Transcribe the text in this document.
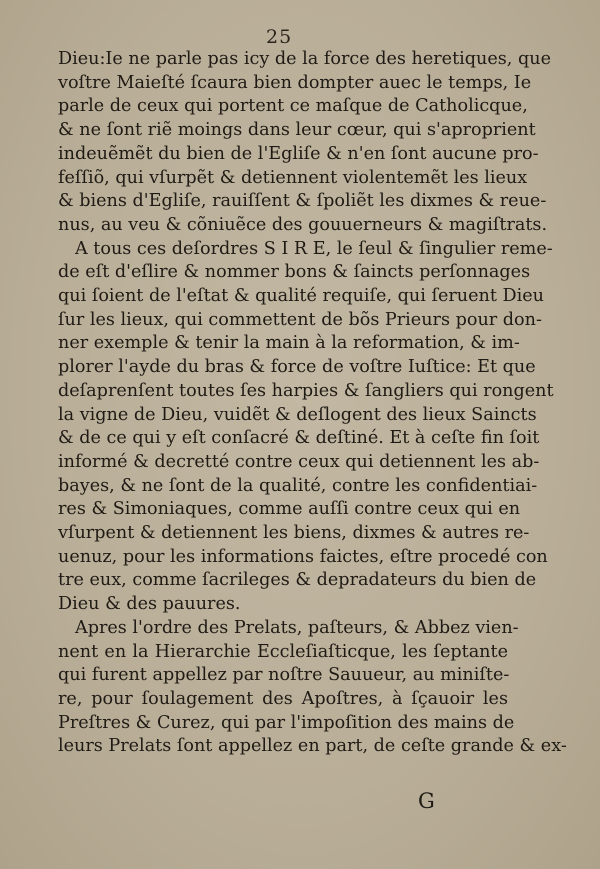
25
Dieu:Ie ne parle pas icy de la force des heretiques, que
voſtre Maieſté ſcaura bien dompter auec le temps, Ie
parle de ceux qui portent ce maſque de Catholicque,
& ne ſont riẽ moings dans leur cœur, qui s'aproprient
indeuẽmẽt du bien de l'Egliſe & n'en ſont aucune pro-
feſſiõ, qui vſurpẽt & detiennent violentemẽt les lieux
& biens d'Egliſe, rauiſſent & ſpoliẽt les dixmes & reue-
nus, au veu & cõniuẽce des gouuerneurs & magiſtrats.
A tous ces deſordres S I R E, le ſeul & ſingulier reme-
de eſt d'eſlire & nommer bons & ſaincts perſonnages
qui ſoient de l'eſtat & qualité requiſe, qui ſeruent Dieu
ſur les lieux, qui commettent de bõs Prieurs pour don-
ner exemple & tenir la main à la reformation, & im-
plorer l'ayde du bras & force de voſtre Iuſtice: Et que
deſaprenſent toutes ſes harpies & ſangliers qui rongent
la vigne de Dieu, vuidẽt & deſlogent des lieux Saincts
& de ce qui y eſt conſacré & deſtiné. Et à ceſte fin ſoit
informé & decretté contre ceux qui detiennent les ab-
bayes, & ne ſont de la qualité, contre les confidentiai-
res & Simoniaques, comme auſſi contre ceux qui en
vſurpent & detiennent les biens, dixmes & autres re-
uenuz, pour les informations faictes, eſtre procedé con
tre eux, comme ſacrileges & depradateurs du bien de
Dieu & des pauures.
Apres l'ordre des Prelats, paſteurs, & Abbez vien-
nent en la Hierarchie Eccleſiaſticque, les ſeptante
qui furent appellez par noſtre Sauueur, au miniſte-
re, pour ſoulagement des Apoſtres, à ſçauoir les
Preſtres & Curez, qui par l'impoſition des mains de
leurs Prelats ſont appellez en part, de ceſte grande & ex-
G
